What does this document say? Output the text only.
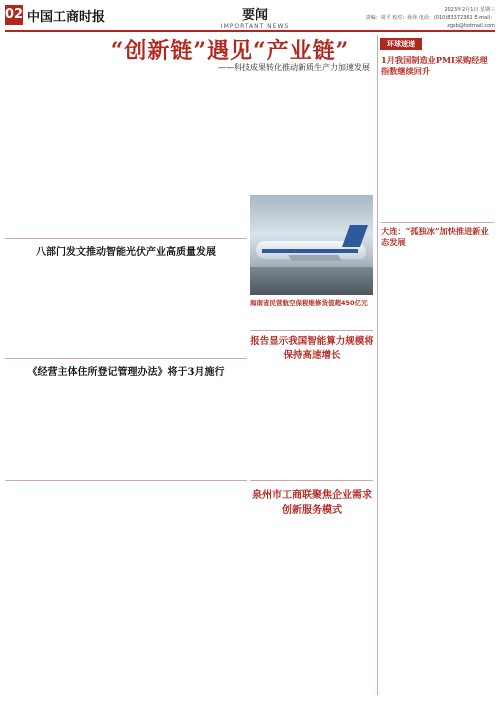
02 中国工商时报	要闻
IMPORTANT NEWS
2023年2月1日 星期三
责编：周平 校对：孙萍 电话：(010)83372361 E-mail：zgsb@hotmail.com
“创新链”遇见“产业链”
——科技成果转化推动新质生产力加速发展
八部门发文推动智能光伏产业高质量发展
《经营主体住所登记管理办法》将于3月施行
海南省民营航空保税维修货值超450亿元
报告显示我国智能算力规模将保持高速增长
泉州市工商联聚焦企业需求创新服务模式
环球速递
1月我国制造业PMI采购经理指数继续回升
大连：“孤独冰”加快推进新业态发展
